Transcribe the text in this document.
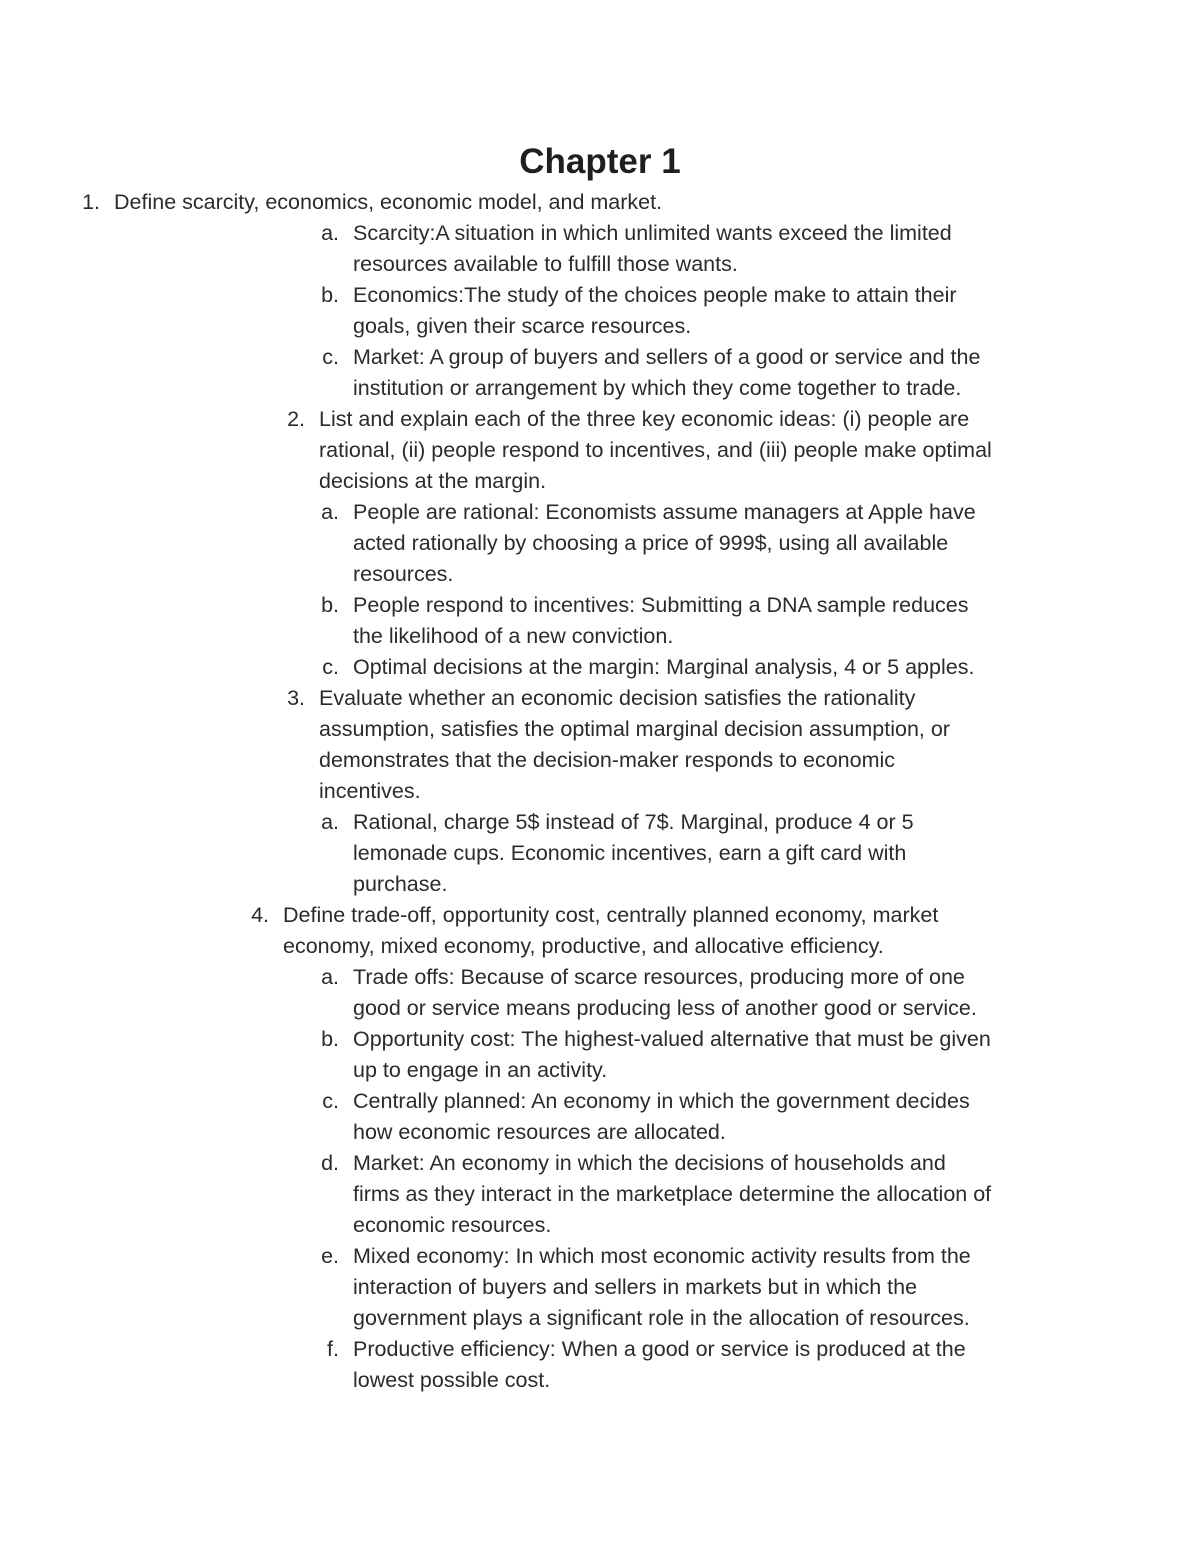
Chapter 1
1. Define scarcity, economics, economic model, and market.
a. Scarcity:A situation in which unlimited wants exceed the limited
resources available to fulfill those wants.
b. Economics:The study of the choices people make to attain their
goals, given their scarce resources.
c. Market: A group of buyers and sellers of a good or service and the
institution or arrangement by which they come together to trade.
2. List and explain each of the three key economic ideas: (i) people are
rational, (ii) people respond to incentives, and (iii) people make optimal
decisions at the margin.
a. People are rational: Economists assume managers at Apple have
acted rationally by choosing a price of 999$, using all available
resources.
b. People respond to incentives: Submitting a DNA sample reduces
the likelihood of a new conviction.
c. Optimal decisions at the margin: Marginal analysis, 4 or 5 apples.
3. Evaluate whether an economic decision satisfies the rationality
assumption, satisfies the optimal marginal decision assumption, or
demonstrates that the decision-maker responds to economic
incentives.
a. Rational, charge 5$ instead of 7$. Marginal, produce 4 or 5
lemonade cups. Economic incentives, earn a gift card with
purchase.
4. Define trade-off, opportunity cost, centrally planned economy, market
economy, mixed economy, productive, and allocative efficiency.
a. Trade offs: Because of scarce resources, producing more of one
good or service means producing less of another good or service.
b. Opportunity cost: The highest-valued alternative that must be given
up to engage in an activity.
c. Centrally planned: An economy in which the government decides
how economic resources are allocated.
d. Market: An economy in which the decisions of households and
firms as they interact in the marketplace determine the allocation of
economic resources.
e. Mixed economy: In which most economic activity results from the
interaction of buyers and sellers in markets but in which the
government plays a significant role in the allocation of resources.
f. Productive efficiency: When a good or service is produced at the
lowest possible cost.
